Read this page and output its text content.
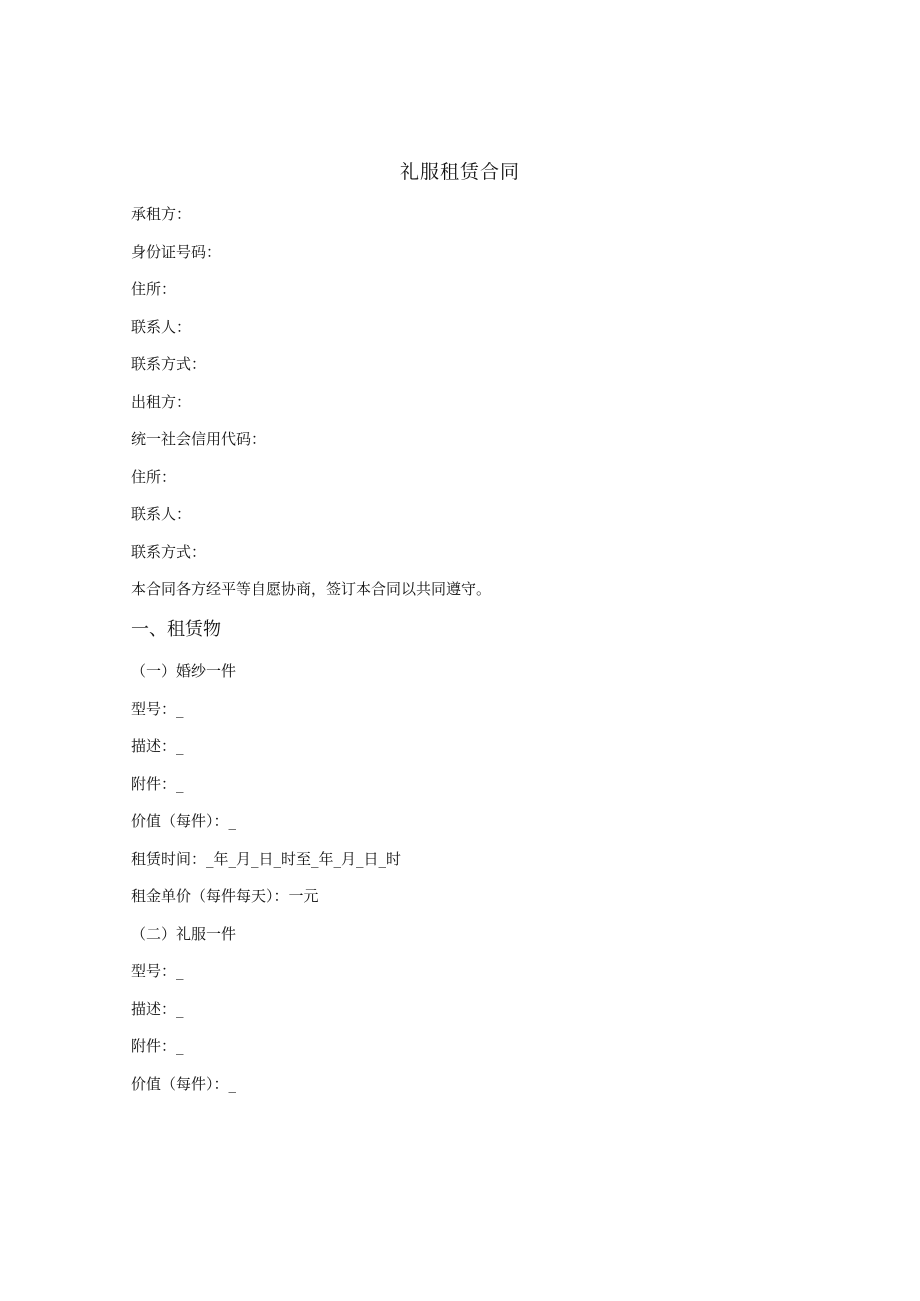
礼服租赁合同
承租方：
身份证号码：
住所：
联系人：
联系方式：
出租方：
统一社会信用代码：
住所：
联系人：
联系方式：
本合同各方经平等自愿协商，签订本合同以共同遵守。
一、租赁物
（一）婚纱一件
型号：_
描述：_
附件：_
价值（每件）：_
租赁时间：_年_月_日_时至_年_月_日_时
租金单价（每件每天）：一元
（二）礼服一件
型号：_
描述：_
附件：_
价值（每件）：_
